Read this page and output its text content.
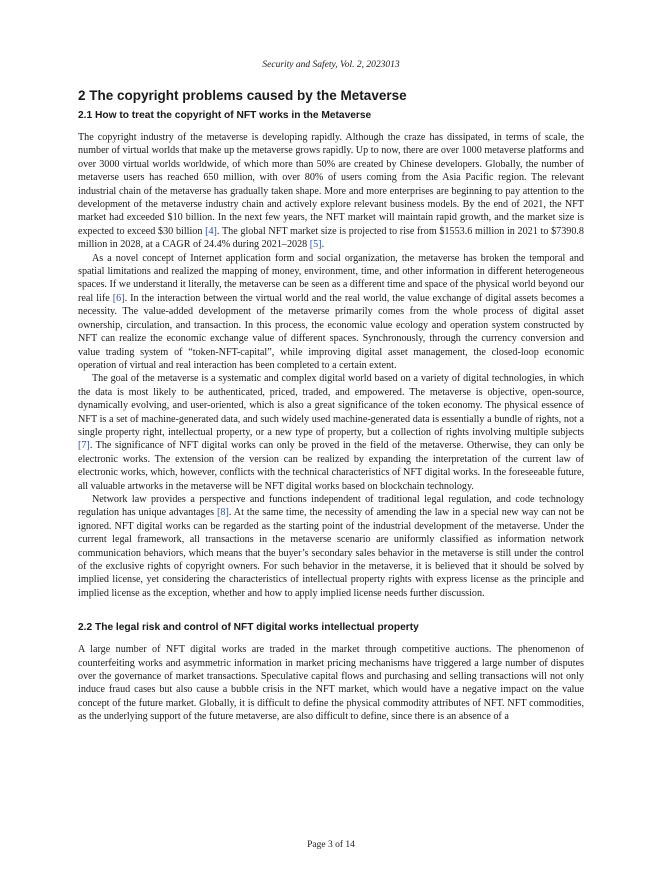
Security and Safety, Vol. 2, 2023013
2 The copyright problems caused by the Metaverse
2.1 How to treat the copyright of NFT works in the Metaverse

The copyright industry of the metaverse is developing rapidly. Although the craze has dissipated, in terms of scale, the number of virtual worlds that make up the metaverse grows rapidly. Up to now, there are over 1000 metaverse platforms and over 3000 virtual worlds worldwide, of which more than 50% are created by Chinese developers. Globally, the number of metaverse users has reached 650 million, with over 80% of users coming from the Asia Pacific region. The relevant industrial chain of the metaverse has gradually taken shape. More and more enterprises are beginning to pay attention to the development of the metaverse industry chain and actively explore relevant business models. By the end of 2021, the NFT market had exceeded $10 billion. In the next few years, the NFT market will maintain rapid growth, and the market size is expected to exceed $30 billion [4]. The global NFT market size is projected to rise from $1553.6 million in 2021 to $7390.8 million in 2028, at a CAGR of 24.4% during 2021–2028 [5].

As a novel concept of Internet application form and social organization, the metaverse has broken the temporal and spatial limitations and realized the mapping of money, environment, time, and other information in different heterogeneous spaces. If we understand it literally, the metaverse can be seen as a different time and space of the physical world beyond our real life [6]. In the interaction between the virtual world and the real world, the value exchange of digital assets becomes a necessity. The value-added development of the metaverse primarily comes from the whole process of digital asset ownership, circulation, and transaction. In this process, the economic value ecology and operation system constructed by NFT can realize the economic exchange value of different spaces. Synchronously, through the currency conversion and value trading system of “token-NFT-capital”, while improving digital asset management, the closed-loop economic operation of virtual and real interaction has been completed to a certain extent.

The goal of the metaverse is a systematic and complex digital world based on a variety of digital technologies, in which the data is most likely to be authenticated, priced, traded, and empowered. The metaverse is objective, open-source, dynamically evolving, and user-oriented, which is also a great significance of the token economy. The physical essence of NFT is a set of machine-generated data, and such widely used machine-generated data is essentially a bundle of rights, not a single property right, intellectual property, or a new type of property, but a collection of rights involving multiple subjects [7]. The significance of NFT digital works can only be proved in the field of the metaverse. Otherwise, they can only be electronic works. The extension of the version can be realized by expanding the interpretation of the current law of electronic works, which, however, conflicts with the technical characteristics of NFT digital works. In the foreseeable future, all valuable artworks in the metaverse will be NFT digital works based on blockchain technology.

Network law provides a perspective and functions independent of traditional legal regulation, and code technology regulation has unique advantages [8]. At the same time, the necessity of amending the law in a special new way can not be ignored. NFT digital works can be regarded as the starting point of the industrial development of the metaverse. Under the current legal framework, all transactions in the metaverse scenario are uniformly classified as information network communication behaviors, which means that the buyer’s secondary sales behavior in the metaverse is still under the control of the exclusive rights of copyright owners. For such behavior in the metaverse, it is believed that it should be solved by implied license, yet considering the characteristics of intellectual property rights with express license as the principle and implied license as the exception, whether and how to apply implied license needs further discussion.

2.2 The legal risk and control of NFT digital works intellectual property

A large number of NFT digital works are traded in the market through competitive auctions. The phenomenon of counterfeiting works and asymmetric information in market pricing mechanisms have triggered a large number of disputes over the governance of market transactions. Speculative capital flows and purchasing and selling transactions will not only induce fraud cases but also cause a bubble crisis in the NFT market, which would have a negative impact on the value concept of the future market. Globally, it is difficult to define the physical commodity attributes of NFT. NFT commodities, as the underlying support of the future metaverse, are also difficult to define, since there is an absence of a

Page 3 of 14
